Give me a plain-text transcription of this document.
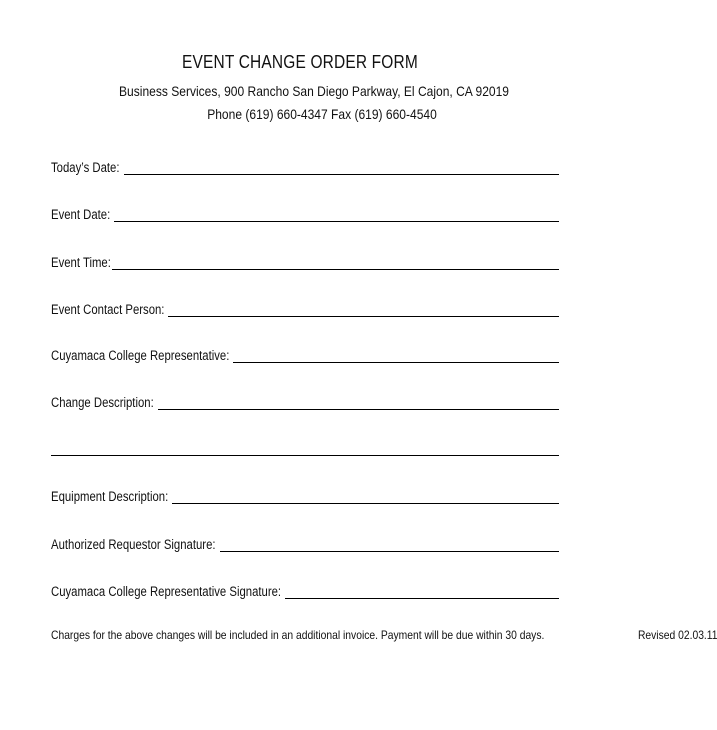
EVENT CHANGE ORDER FORM
Business Services, 900 Rancho San Diego Parkway, El Cajon, CA 92019
Phone (619) 660-4347 Fax (619) 660-4540
Today’s Date:
Event Date:
Event Time:
Event Contact Person:
Cuyamaca College Representative:
Change Description:
Equipment Description:
Authorized Requestor Signature:
Cuyamaca College Representative Signature:
Charges for the above changes will be included in an additional invoice. Payment will be due within 30 days.	Revised 02.03.11
